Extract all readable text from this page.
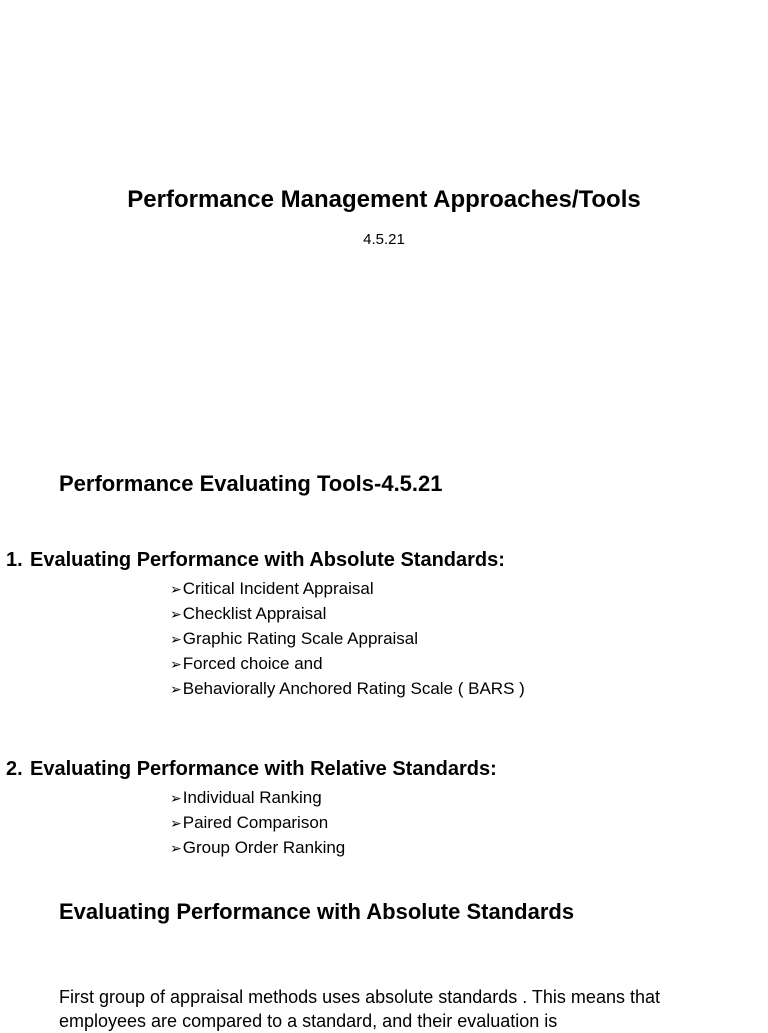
Performance Management Approaches/Tools
4.5.21
Performance Evaluating Tools-4.5.21
1. Evaluating Performance with Absolute Standards:
➢Critical Incident Appraisal
➢Checklist Appraisal
➢Graphic Rating Scale Appraisal
➢Forced choice and
➢Behaviorally Anchored Rating Scale ( BARS )
2. Evaluating Performance with Relative Standards:
➢Individual Ranking
➢Paired Comparison
➢Group Order Ranking
Evaluating Performance with Absolute Standards
First group of appraisal methods uses absolute standards . This means that employees are compared to a standard, and their evaluation is
